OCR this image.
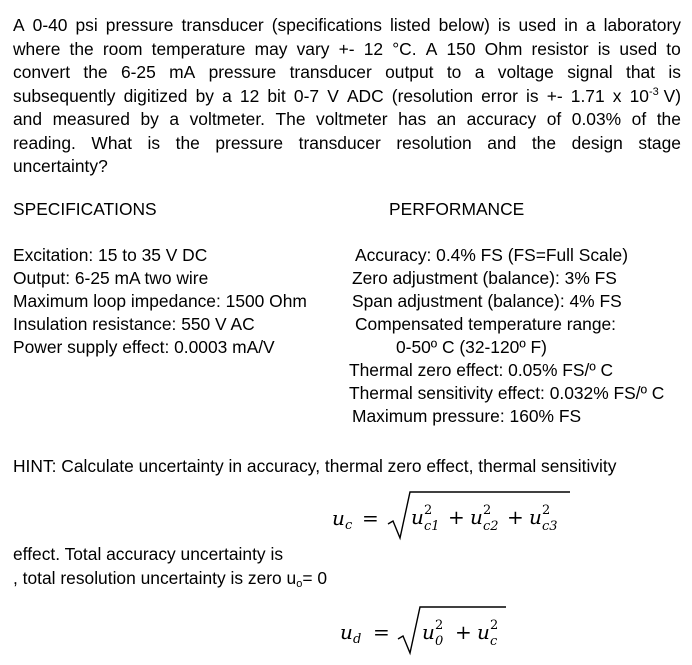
A 0-40 psi pressure transducer (specifications listed below) is used in a laboratory
where the room temperature may vary +- 12 °C. A 150 Ohm resistor is used to
convert the 6-25 mA pressure transducer output to a voltage signal that is
subsequently digitized by a 12 bit 0-7 V ADC (resolution error is +- 1.71 x $10^{-3}$ V)
and measured by a voltmeter. The voltmeter has an accuracy of 0.03% of the
reading. What is the pressure transducer resolution and the design stage
uncertainty?
SPECIFICATIONS	PERFORMANCE
Excitation: 15 to 35 V DC
Output: 6-25 mA two wire
Maximum loop impedance: 1500 Ohm
Insulation resistance: 550 V AC
Power supply effect: 0.0003 mA/V
Accuracy: 0.4% FS (FS=Full Scale)
Zero adjustment (balance): 3% FS
Span adjustment (balance): 4% FS
Compensated temperature range:
0-50º C (32-120º F)
Thermal zero effect: 0.05% FS/º C
Thermal sensitivity effect: 0.032% FS/º C
Maximum pressure: 160% FS
HINT: Calculate uncertainty in accuracy, thermal zero effect, thermal sensitivity
u c = u 2
c1 + u 2
c2 + u 2
c3
effect. Total accuracy uncertainty is
, total resolution uncertainty is zero $u_o= 0$
u d = u 2
0 + u 2
c
